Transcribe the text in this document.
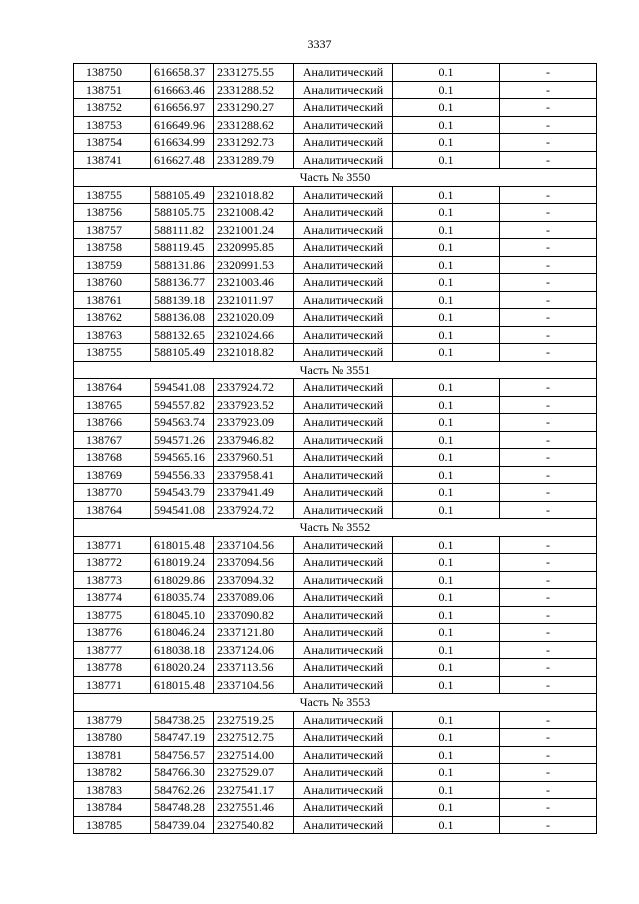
3337
138750	616658.37	2331275.55	Аналитический	0.1	-
138751	616663.46	2331288.52	Аналитический	0.1	-
138752	616656.97	2331290.27	Аналитический	0.1	-
138753	616649.96	2331288.62	Аналитический	0.1	-
138754	616634.99	2331292.73	Аналитический	0.1	-
138741	616627.48	2331289.79	Аналитический	0.1	-
Часть № 3550					
138755	588105.49	2321018.82	Аналитический	0.1	-
138756	588105.75	2321008.42	Аналитический	0.1	-
138757	588111.82	2321001.24	Аналитический	0.1	-
138758	588119.45	2320995.85	Аналитический	0.1	-
138759	588131.86	2320991.53	Аналитический	0.1	-
138760	588136.77	2321003.46	Аналитический	0.1	-
138761	588139.18	2321011.97	Аналитический	0.1	-
138762	588136.08	2321020.09	Аналитический	0.1	-
138763	588132.65	2321024.66	Аналитический	0.1	-
138755	588105.49	2321018.82	Аналитический	0.1	-
Часть № 3551					
138764	594541.08	2337924.72	Аналитический	0.1	-
138765	594557.82	2337923.52	Аналитический	0.1	-
138766	594563.74	2337923.09	Аналитический	0.1	-
138767	594571.26	2337946.82	Аналитический	0.1	-
138768	594565.16	2337960.51	Аналитический	0.1	-
138769	594556.33	2337958.41	Аналитический	0.1	-
138770	594543.79	2337941.49	Аналитический	0.1	-
138764	594541.08	2337924.72	Аналитический	0.1	-
Часть № 3552					
138771	618015.48	2337104.56	Аналитический	0.1	-
138772	618019.24	2337094.56	Аналитический	0.1	-
138773	618029.86	2337094.32	Аналитический	0.1	-
138774	618035.74	2337089.06	Аналитический	0.1	-
138775	618045.10	2337090.82	Аналитический	0.1	-
138776	618046.24	2337121.80	Аналитический	0.1	-
138777	618038.18	2337124.06	Аналитический	0.1	-
138778	618020.24	2337113.56	Аналитический	0.1	-
138771	618015.48	2337104.56	Аналитический	0.1	-
Часть № 3553					
138779	584738.25	2327519.25	Аналитический	0.1	-
138780	584747.19	2327512.75	Аналитический	0.1	-
138781	584756.57	2327514.00	Аналитический	0.1	-
138782	584766.30	2327529.07	Аналитический	0.1	-
138783	584762.26	2327541.17	Аналитический	0.1	-
138784	584748.28	2327551.46	Аналитический	0.1	-
138785	584739.04	2327540.82	Аналитический	0.1	-
